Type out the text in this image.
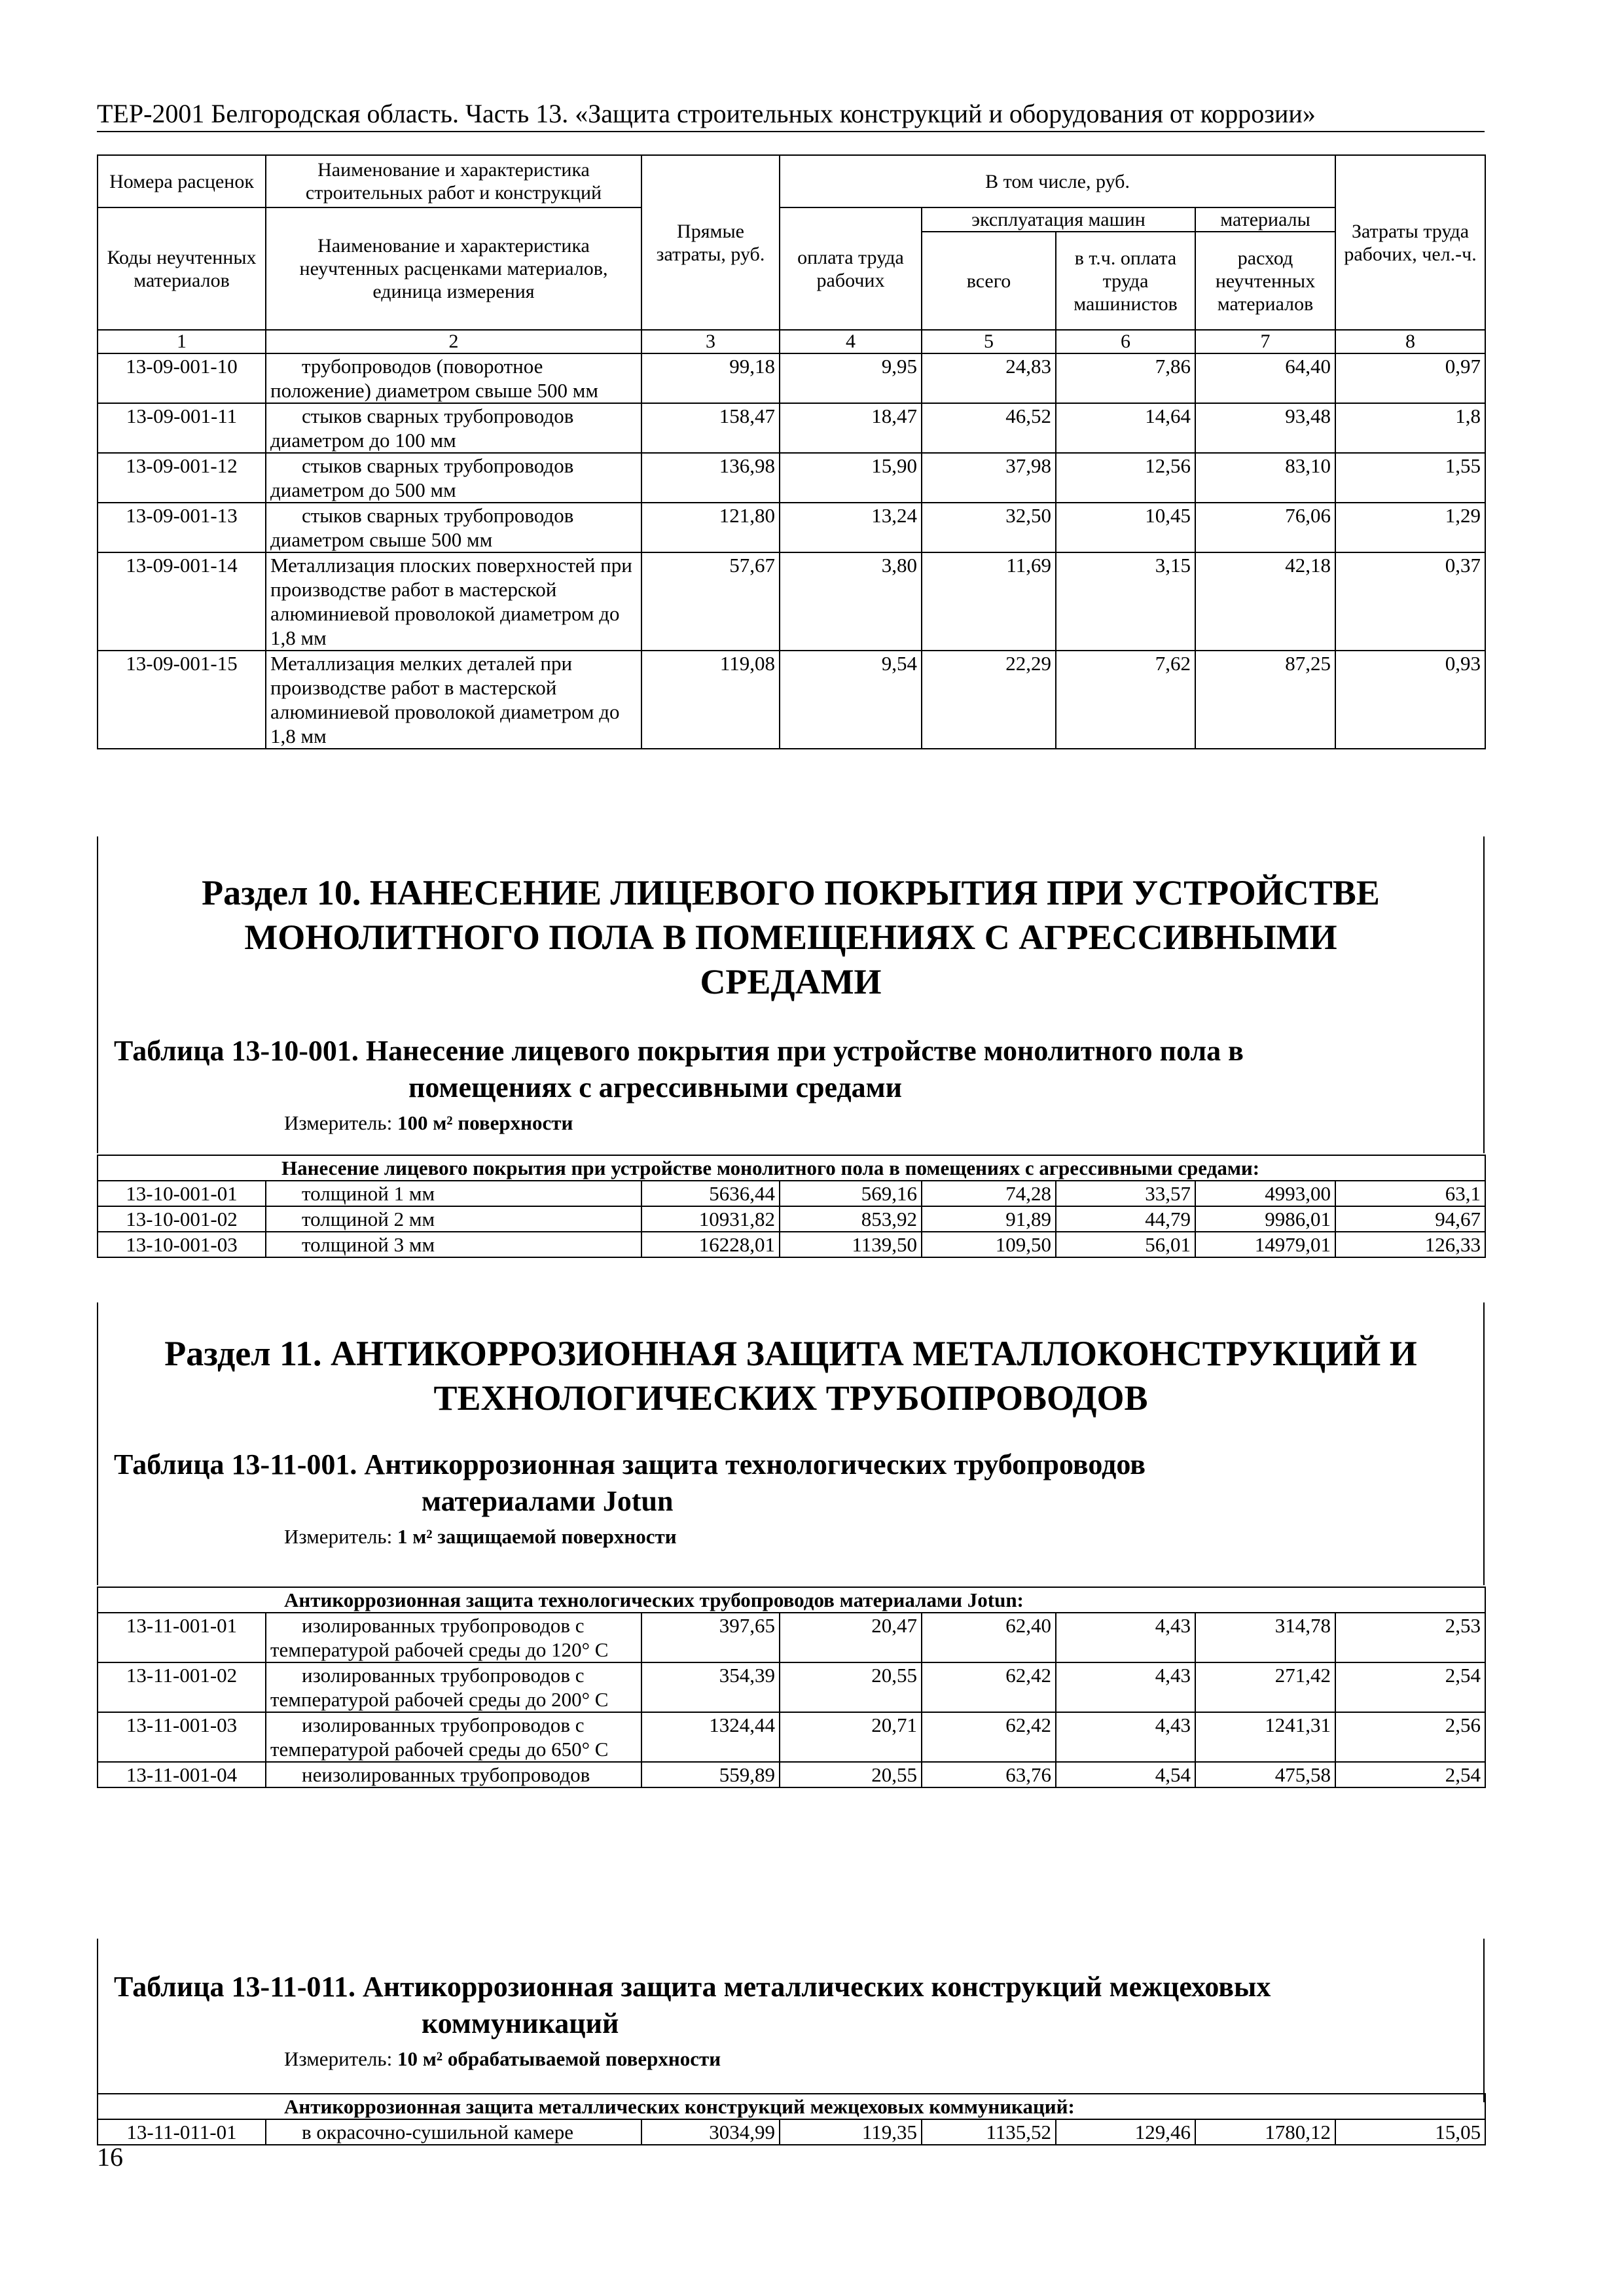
ТЕР-2001 Белгородская область. Часть 13. «Защита строительных конструкций и оборудования от коррозии»
Номера расценок	Наименование и характеристика строительных работ и конструкций	Прямые затраты, руб.	В том числе, руб.				Затраты труда рабочих, чел.-ч.
Коды неучтенных материалов	Наименование и характеристика неучтенных расценками материалов, единица измерения		оплата труда рабочих	эксплуатация машин		материалы	
				всего	в т.ч. оплата труда машинистов	расход неучтенных материалов	
1	2	3	4	5	6	7	8
13-09-001-10	трубопроводов (поворотное положение) диаметром свыше 500 мм	99,18	9,95	24,83	7,86	64,40	0,97
13-09-001-11	стыков сварных трубопроводов диаметром до 100 мм	158,47	18,47	46,52	14,64	93,48	1,8
13-09-001-12	стыков сварных трубопроводов диаметром до 500 мм	136,98	15,90	37,98	12,56	83,10	1,55
13-09-001-13	стыков сварных трубопроводов диаметром свыше 500 мм	121,80	13,24	32,50	10,45	76,06	1,29
13-09-001-14	Металлизация плоских поверхностей при производстве работ в мастерской алюминиевой проволокой диаметром до 1,8 мм	57,67	3,80	11,69	3,15	42,18	0,37
13-09-001-15	Металлизация мелких деталей при производстве работ в мастерской алюминиевой проволокой диаметром до 1,8 мм	119,08	9,54	22,29	7,62	87,25	0,93

Раздел 10. НАНЕСЕНИЕ ЛИЦЕВОГО ПОКРЫТИЯ ПРИ УСТРОЙСТВЕ МОНОЛИТНОГО ПОЛА В ПОМЕЩЕНИЯХ С АГРЕССИВНЫМИ СРЕДАМИ

Таблица 13-10-001. Нанесение лицевого покрытия при устройстве монолитного пола в
помещениях с агрессивными средами

Измеритель: 100 м² поверхности
Нанесение лицевого покрытия при устройстве монолитного пола в помещениях с агрессивными средами:							
13-10-001-01	толщиной 1 мм	5636,44	569,16	74,28	33,57	4993,00	63,1
13-10-001-02	толщиной 2 мм	10931,82	853,92	91,89	44,79	9986,01	94,67
13-10-001-03	толщиной 3 мм	16228,01	1139,50	109,50	56,01	14979,01	126,33

Раздел 11. АНТИКОРРОЗИОННАЯ ЗАЩИТА МЕТАЛЛОКОНСТРУКЦИЙ И ТЕХНОЛОГИЧЕСКИХ ТРУБОПРОВОДОВ

Таблица 13-11-001. Антикоррозионная защита технологических трубопроводов
материалами Jotun

Измеритель: 1 м² защищаемой поверхности
Антикоррозионная защита технологических трубопроводов материалами Jotun:							
13-11-001-01	изолированных трубопроводов с температурой рабочей среды до 120° С	397,65	20,47	62,40	4,43	314,78	2,53
13-11-001-02	изолированных трубопроводов с температурой рабочей среды до 200° С	354,39	20,55	62,42	4,43	271,42	2,54
13-11-001-03	изолированных трубопроводов с температурой рабочей среды до 650° С	1324,44	20,71	62,42	4,43	1241,31	2,56
13-11-001-04	неизолированных трубопроводов	559,89	20,55	63,76	4,54	475,58	2,54

Таблица 13-11-011. Антикоррозионная защита металлических конструкций межцеховых
коммуникаций

Измеритель: 10 м² обрабатываемой поверхности
Антикоррозионная защита металлических конструкций межцеховых коммуникаций:
13-11-011-01	в окрасочно-сушильной камере	3034,99	119,35	1135,52	129,46	1780,12	15,05
16
